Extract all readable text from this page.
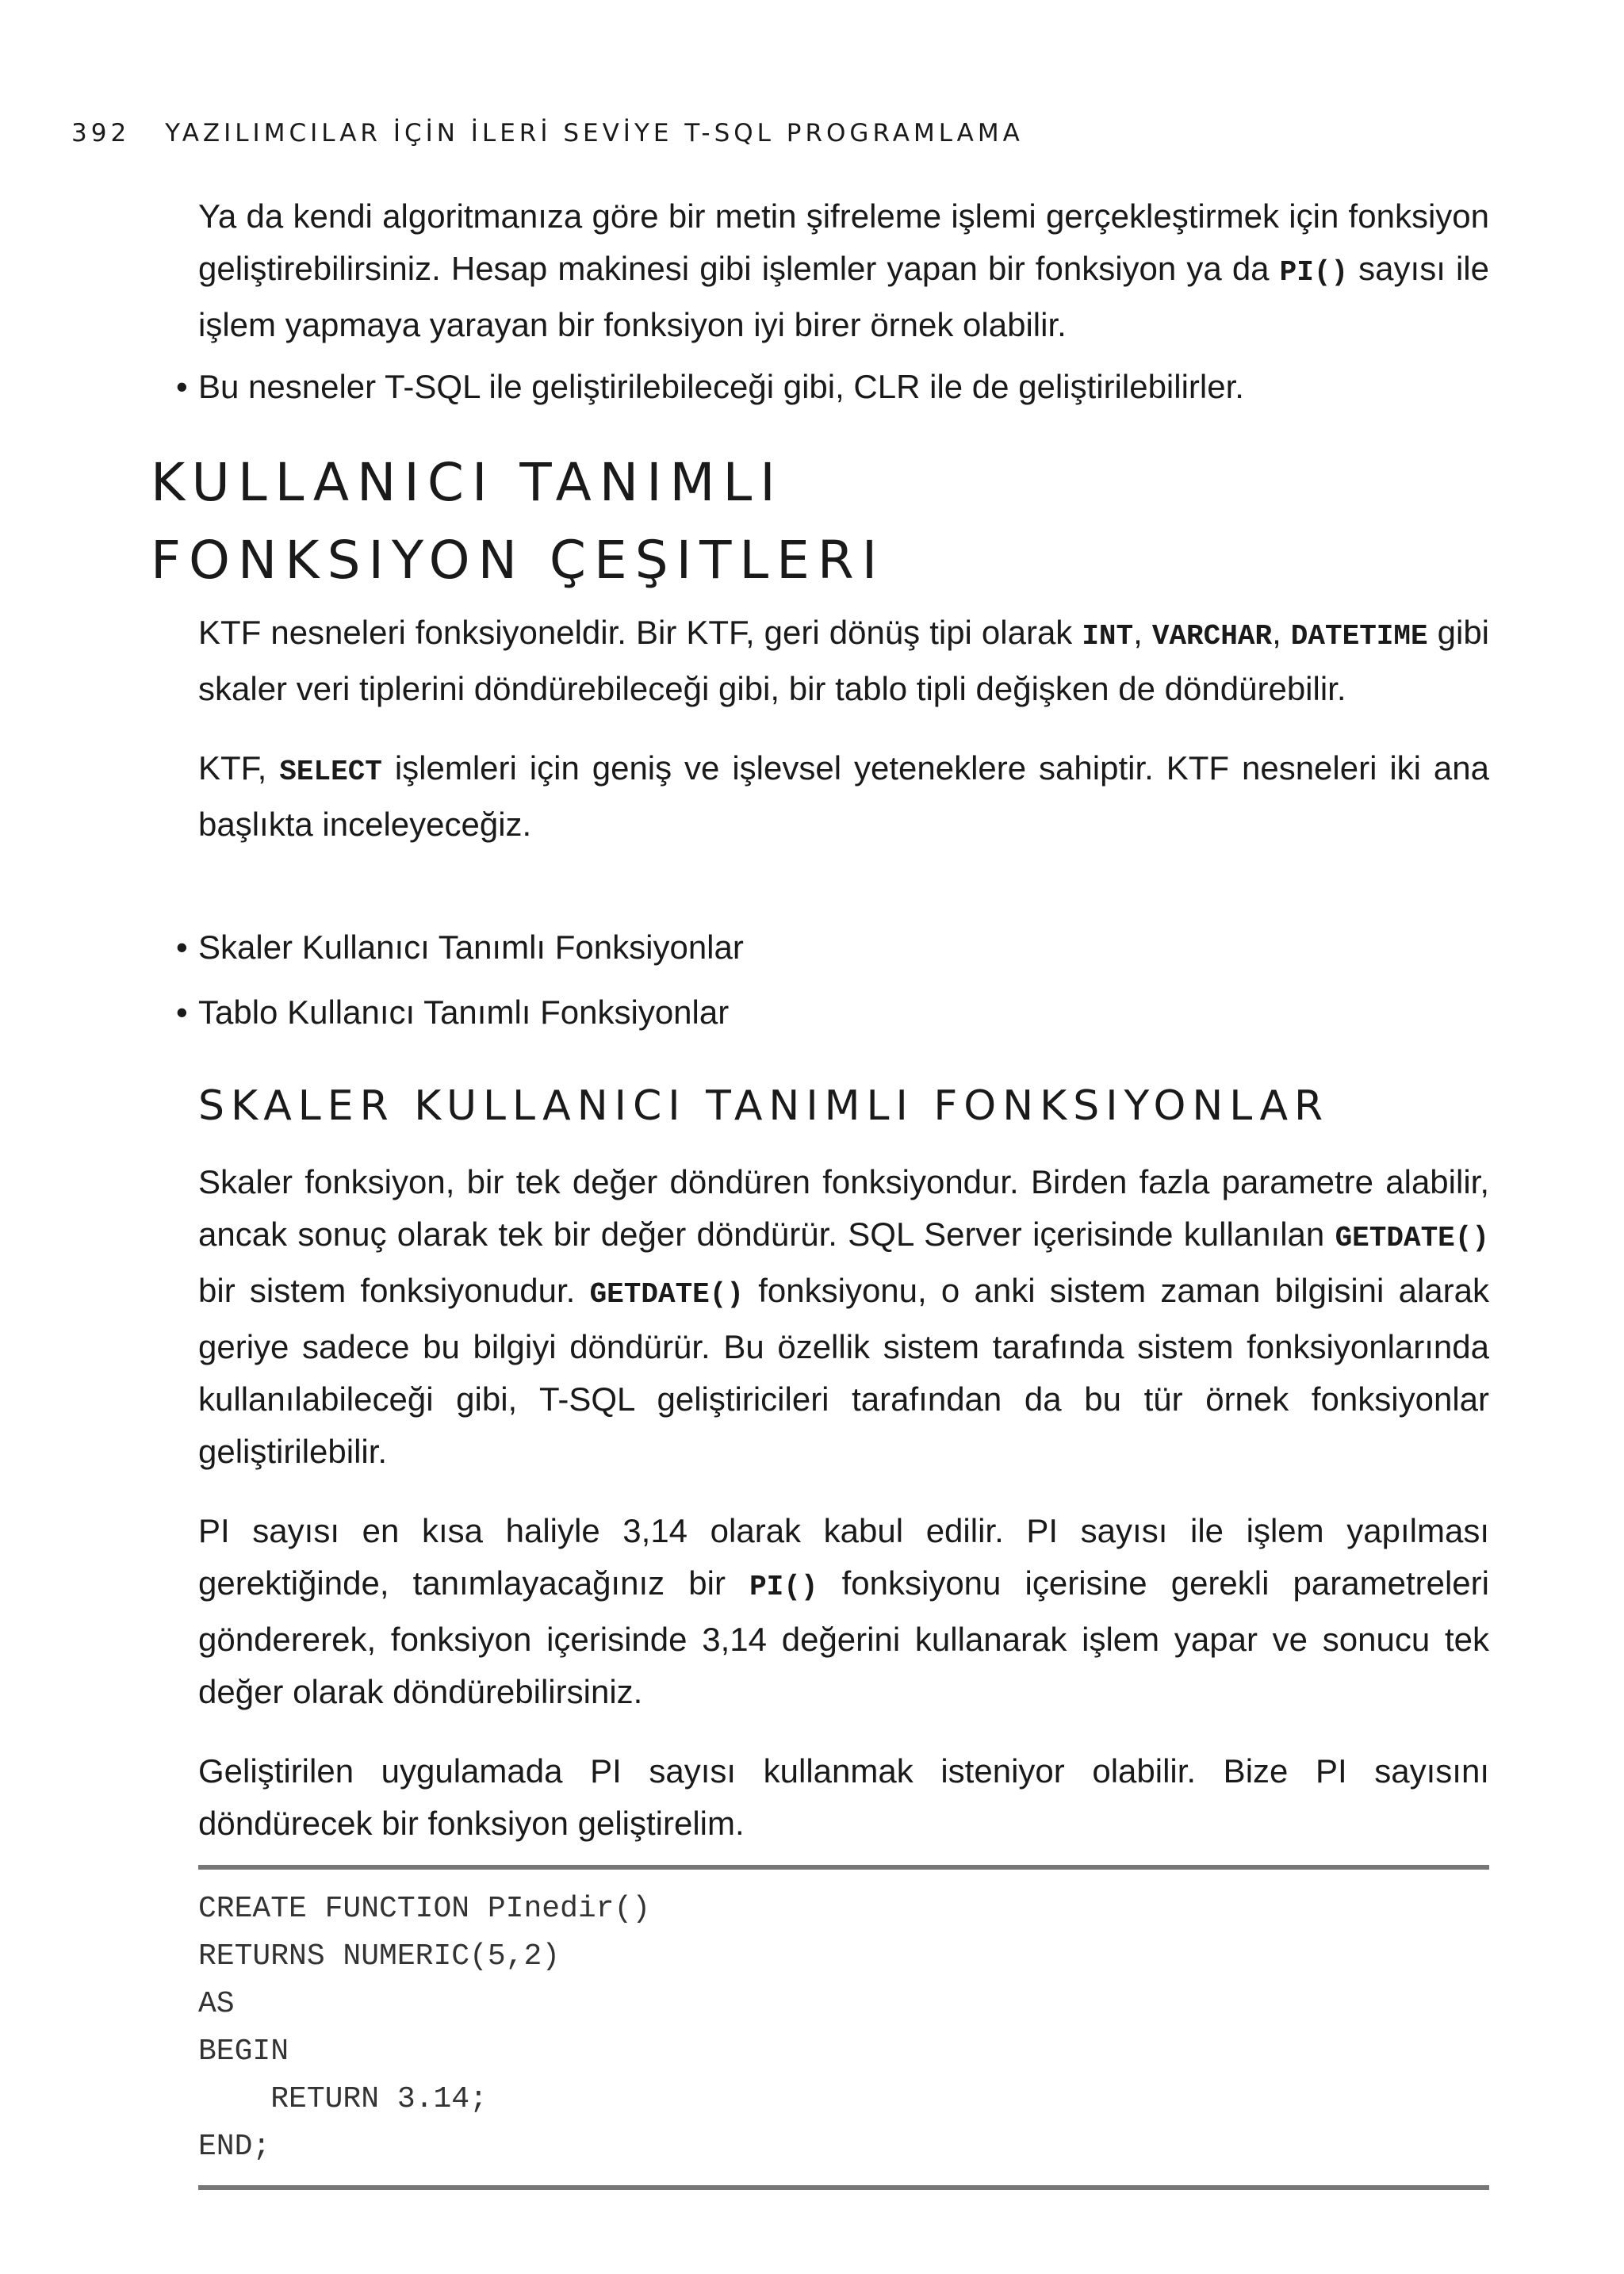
392 YAZILIMCILAR İÇİN İLERİ SEVİYE T-SQL PROGRAMLAMA

Ya da kendi algoritmanıza göre bir metin şifreleme işlemi gerçekleştirmek için fonksiyon geliştirebilirsiniz. Hesap makinesi gibi işlemler yapan bir fonksiyon ya da PI() sayısı ile işlem yapmaya yarayan bir fonksiyon iyi birer örnek olabilir.

• Bu nesneler T-SQL ile geliştirilebileceği gibi, CLR ile de geliştirilebilirler.
KULLANICI TANIMLI
FONKSIYON ÇEŞITLERI

KTF nesneleri fonksiyoneldir. Bir KTF, geri dönüş tipi olarak INT, VARCHAR, DATETIME gibi skaler veri tiplerini döndürebileceği gibi, bir tablo tipli değişken de döndürebilir.

KTF, SELECT işlemleri için geniş ve işlevsel yeteneklere sahiptir. KTF nesneleri iki ana başlıkta inceleyeceğiz.

• Skaler Kullanıcı Tanımlı Fonksiyonlar
• Tablo Kullanıcı Tanımlı Fonksiyonlar
SKALER KULLANICI TANIMLI FONKSIYONLAR

Skaler fonksiyon, bir tek değer döndüren fonksiyondur. Birden fazla parametre alabilir, ancak sonuç olarak tek bir değer döndürür. SQL Server içerisinde kullanılan GETDATE() bir sistem fonksiyonudur. GETDATE() fonksiyonu, o anki sistem zaman bilgisini alarak geriye sadece bu bilgiyi döndürür. Bu özellik sistem tarafında sistem fonksiyonlarında kullanılabileceği gibi, T-SQL geliştiricileri tarafından da bu tür örnek fonksiyonlar geliştirilebilir.

PI sayısı en kısa haliyle 3,14 olarak kabul edilir. PI sayısı ile işlem yapılması gerektiğinde, tanımlayacağınız bir PI() fonksiyonu içerisine gerekli parametreleri göndererek, fonksiyon içerisinde 3,14 değerini kullanarak işlem yapar ve sonucu tek değer olarak döndürebilirsiniz.

Geliştirilen uygulamada PI sayısı kullanmak isteniyor olabilir. Bize PI sayısını döndürecek bir fonksiyon geliştirelim.

CREATE FUNCTION PInedir()
RETURNS NUMERIC(5,2)
AS
BEGIN
RETURN 3.14;
END;
